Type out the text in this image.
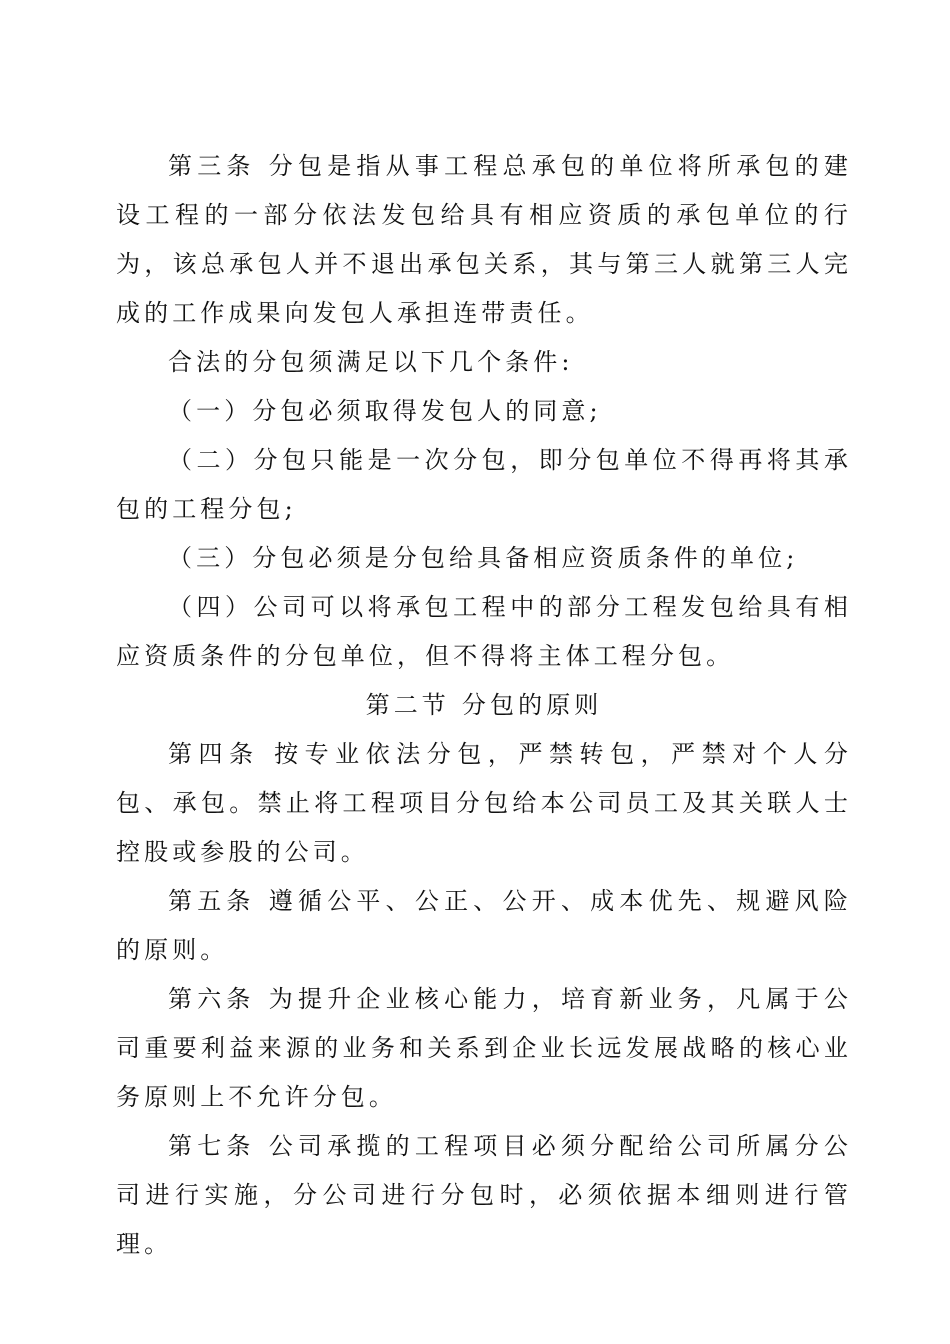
第三条 分包是指从事工程总承包的单位将所承包的建设工程的一部分依法发包给具有相应资质的承包单位的行为，该总承包人并不退出承包关系，其与第三人就第三人完成的工作成果向发包人承担连带责任。

合法的分包须满足以下几个条件:

（一）分包必须取得发包人的同意;

（二）分包只能是一次分包，即分包单位不得再将其承包的工程分包;

（三）分包必须是分包给具备相应资质条件的单位;

（四）公司可以将承包工程中的部分工程发包给具有相应资质条件的分包单位，但不得将主体工程分包。

第二节 分包的原则

第四条 按专业依法分包，严禁转包，严禁对个人分包、承包。禁止将工程项目分包给本公司员工及其关联人士控股或参股的公司。

第五条 遵循公平、公正、公开、成本优先、规避风险的原则。

第六条 为提升企业核心能力，培育新业务，凡属于公司重要利益来源的业务和关系到企业长远发展战略的核心业务原则上不允许分包。

第七条 公司承揽的工程项目必须分配给公司所属分公司进行实施，分公司进行分包时，必须依据本细则进行管理。
